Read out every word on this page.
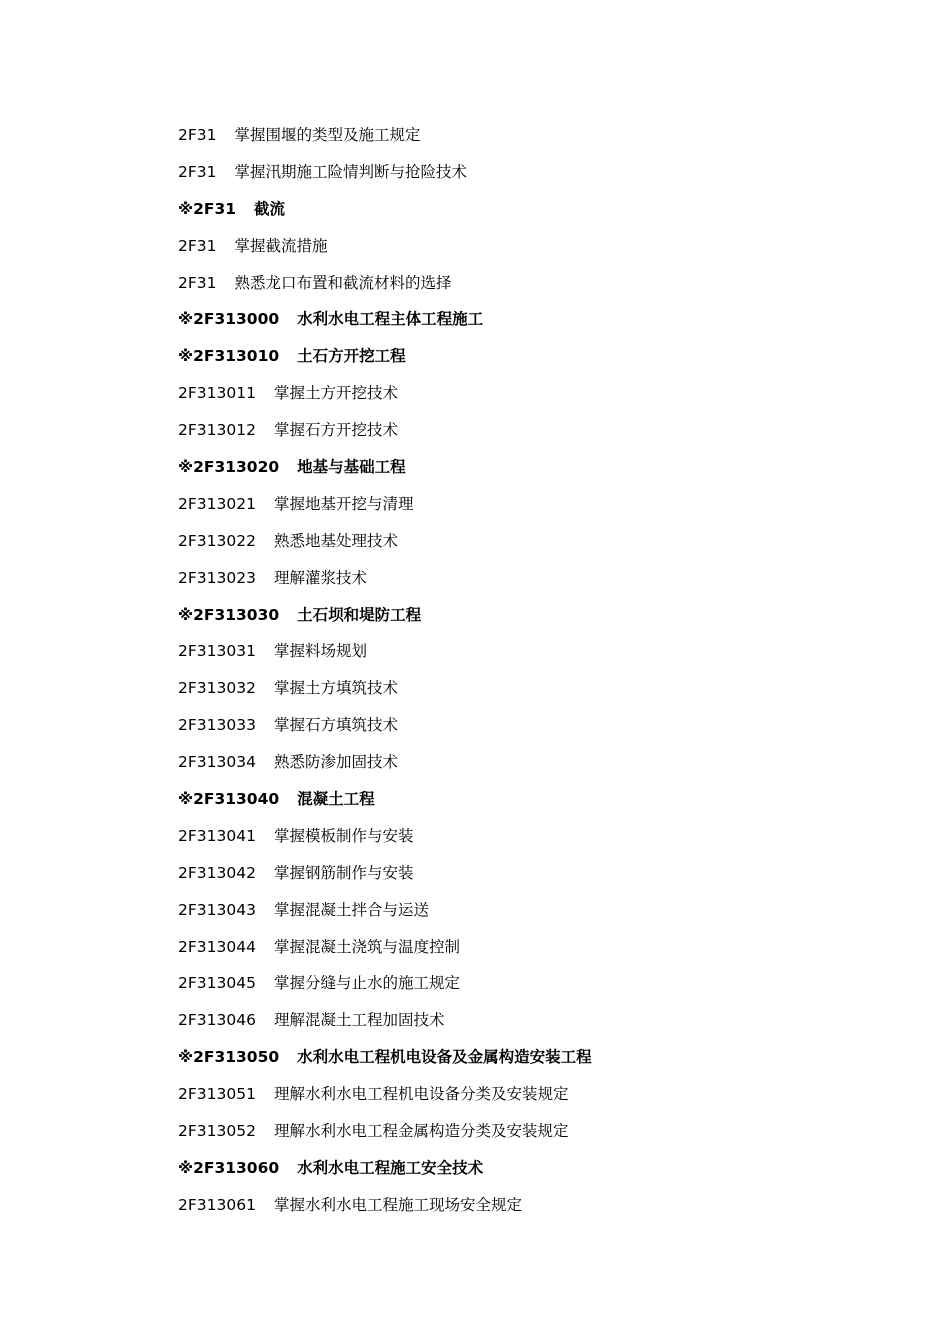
2F31 掌握围堰的类型及施工规定
2F31 掌握汛期施工险情判断与抢险技术
※2F31 截流
2F31 掌握截流措施
2F31 熟悉龙口布置和截流材料的选择
※2F313000 水利水电工程主体工程施工
※2F313010 土石方开挖工程
2F313011 掌握土方开挖技术
2F313012 掌握石方开挖技术
※2F313020 地基与基础工程
2F313021 掌握地基开挖与清理
2F313022 熟悉地基处理技术
2F313023 理解灌浆技术
※2F313030 土石坝和堤防工程
2F313031 掌握料场规划
2F313032 掌握土方填筑技术
2F313033 掌握石方填筑技术
2F313034 熟悉防渗加固技术
※2F313040 混凝土工程
2F313041 掌握模板制作与安装
2F313042 掌握钢筋制作与安装
2F313043 掌握混凝土拌合与运送
2F313044 掌握混凝土浇筑与温度控制
2F313045 掌握分缝与止水的施工规定
2F313046 理解混凝土工程加固技术
※2F313050 水利水电工程机电设备及金属构造安装工程
2F313051 理解水利水电工程机电设备分类及安装规定
2F313052 理解水利水电工程金属构造分类及安装规定
※2F313060 水利水电工程施工安全技术
2F313061 掌握水利水电工程施工现场安全规定
